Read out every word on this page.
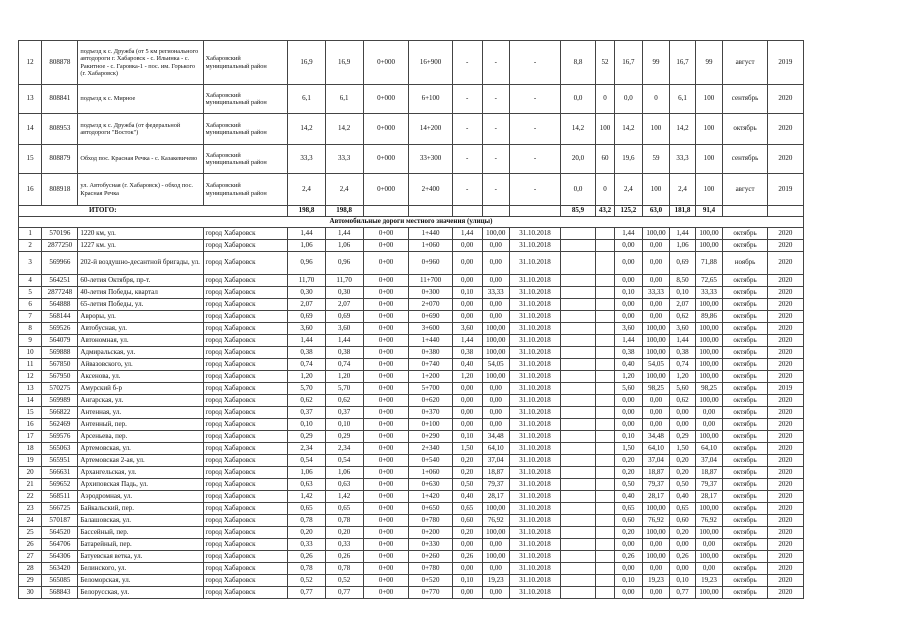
12	808878	подъезд к с. Дружба (от 5 км регионального автодороги г. Хабаровск - с. Ильинка - с. Ракитное - с. Гаровка-1 - пос. им. Горького (г. Хабаровск)	Хабаровский муниципальный район	16,9	16,9	0+000	16+900	-	-	-	8,8	52	16,7	99	16,7	99	август	2019
13	808841	подъезд к с. Мирное	Хабаровский муниципальный район	6,1	6,1	0+000	6+100	-	-	-	0,0	0	0,0	0	6,1	100	сентябрь	2020
14	808953	подъезд к с. Дружба (от федеральной автодороги "Восток")	Хабаровский муниципальный район	14,2	14,2	0+000	14+200	-	-	-	14,2	100	14,2	100	14,2	100	октябрь	2020
15	808879	Обход пос. Красная Речка - с. Казакевичево	Хабаровский муниципальный район	33,3	33,3	0+000	33+300	-	-	-	20,0	60	19,6	59	33,3	100	сентябрь	2020
16	808918	ул. Автобусная (г. Хабаровск) - обход пос. Красная Речка	Хабаровский муниципальный район	2,4	2,4	0+000	2+400	-	-	-	0,0	0	2,4	100	2,4	100	август	2019
ИТОГО:				198,8	198,8						85,9	43,2	125,2	63,0	181,8	91,4		
Автомобильные дороги местного значения (улицы)																		
1	570196	1220 км, ул.	город Хабаровск	1,44	1,44	0+00	1+440	1,44	100,00	31.10.2018			1,44	100,00	1,44	100,00	октябрь	2020
2	2877250	1227 км. ул.	город Хабаровск	1,06	1,06	0+00	1+060	0,00	0,00	31.10.2018			0,00	0,00	1,06	100,00	октябрь	2020
3	569966	202-й воздушно-десантной бригады, ул.	город Хабаровск	0,96	0,96	0+00	0+960	0,00	0,00	31.10.2018			0,00	0,00	0,69	71,88	ноябрь	2020
4	564251	60-летия Октября, пр-т.	город Хабаровск	11,70	11,70	0+00	11+700	0,00	0,00	31.10.2018			0,00	0,00	8,50	72,65	октябрь	2020
5	2877248	40-летия Победы, квартал	город Хабаровск	0,30	0,30	0+00	0+300	0,10	33,33	31.10.2018			0,10	33,33	0,10	33,33	октябрь	2020
6	564888	65-летия Победы, ул.	город Хабаровск	2,07	2,07	0+00	2+070	0,00	0,00	31.10.2018			0,00	0,00	2,07	100,00	октябрь	2020
7	568144	Авроры, ул.	город Хабаровск	0,69	0,69	0+00	0+690	0,00	0,00	31.10.2018			0,00	0,00	0,62	89,86	октябрь	2020
8	569526	Автобусная, ул.	город Хабаровск	3,60	3,60	0+00	3+600	3,60	100,00	31.10.2018			3,60	100,00	3,60	100,00	октябрь	2020
9	564079	Автономная, ул.	город Хабаровск	1,44	1,44	0+00	1+440	1,44	100,00	31.10.2018			1,44	100,00	1,44	100,00	октябрь	2020
10	569888	Адмиральская, ул.	город Хабаровск	0,38	0,38	0+00	0+380	0,38	100,00	31.10.2018			0,38	100,00	0,38	100,00	октябрь	2020
11	567850	Айвазовского, ул.	город Хабаровск	0,74	0,74	0+00	0+740	0,40	54,05	31.10.2018			0,40	54,05	0,74	100,00	октябрь	2020
12	567950	Аксенова, ул.	город Хабаровск	1,20	1,20	0+00	1+200	1,20	100,00	31.10.2018			1,20	100,00	1,20	100,00	октябрь	2020
13	570275	Амурский б-р	город Хабаровск	5,70	5,70	0+00	5+700	0,00	0,00	31.10.2018			5,60	98,25	5,60	98,25	октябрь	2019
14	569989	Ангарская, ул.	город Хабаровск	0,62	0,62	0+00	0+620	0,00	0,00	31.10.2018			0,00	0,00	0,62	100,00	октябрь	2020
15	566822	Антенная, ул.	город Хабаровск	0,37	0,37	0+00	0+370	0,00	0,00	31.10.2018			0,00	0,00	0,00	0,00	октябрь	2020
16	562469	Антенный, пер.	город Хабаровск	0,10	0,10	0+00	0+100	0,00	0,00	31.10.2018			0,00	0,00	0,00	0,00	октябрь	2020
17	569576	Арсеньева, пер.	город Хабаровск	0,29	0,29	0+00	0+290	0,10	34,48	31.10.2018			0,10	34,48	0,29	100,00	октябрь	2020
18	565063	Артемовская, ул.	город Хабаровск	2,34	2,34	0+00	2+340	1,50	64,10	31.10.2018			1,50	64,10	1,50	64,10	октябрь	2020
19	565951	Артемовская 2-ая, ул.	город Хабаровск	0,54	0,54	0+00	0+540	0,20	37,04	31.10.2018			0,20	37,04	0,20	37,04	октябрь	2020
20	566631	Архангельская, ул.	город Хабаровск	1,06	1,06	0+00	1+060	0,20	18,87	31.10.2018			0,20	18,87	0,20	18,87	октябрь	2020
21	569652	Архиповская Падь, ул.	город Хабаровск	0,63	0,63	0+00	0+630	0,50	79,37	31.10.2018			0,50	79,37	0,50	79,37	октябрь	2020
22	568511	Аэродромная, ул.	город Хабаровск	1,42	1,42	0+00	1+420	0,40	28,17	31.10.2018			0,40	28,17	0,40	28,17	октябрь	2020
23	566725	Байкальский, пер.	город Хабаровск	0,65	0,65	0+00	0+650	0,65	100,00	31.10.2018			0,65	100,00	0,65	100,00	октябрь	2020
24	570187	Балашовская, ул.	город Хабаровск	0,78	0,78	0+00	0+780	0,60	76,92	31.10.2018			0,60	76,92	0,60	76,92	октябрь	2020
25	564520	Бассейный, пер.	город Хабаровск	0,20	0,20	0+00	0+200	0,20	100,00	31.10.2018			0,20	100,00	0,20	100,00	октябрь	2020
26	564706	Батарейный, пер.	город Хабаровск	0,33	0,33	0+00	0+330	0,00	0,00	31.10.2018			0,00	0,00	0,00	0,00	октябрь	2020
27	564306	Батуевская ветка, ул.	город Хабаровск	0,26	0,26	0+00	0+260	0,26	100,00	31.10.2018			0,26	100,00	0,26	100,00	октябрь	2020
28	563420	Белинского, ул.	город Хабаровск	0,78	0,78	0+00	0+780	0,00	0,00	31.10.2018			0,00	0,00	0,00	0,00	октябрь	2020
29	565085	Беломорская, ул.	город Хабаровск	0,52	0,52	0+00	0+520	0,10	19,23	31.10.2018			0,10	19,23	0,10	19,23	октябрь	2020
30	568843	Белорусская, ул.	город Хабаровск	0,77	0,77	0+00	0+770	0,00	0,00	31.10.2018			0,00	0,00	0,77	100,00	октябрь	2020
